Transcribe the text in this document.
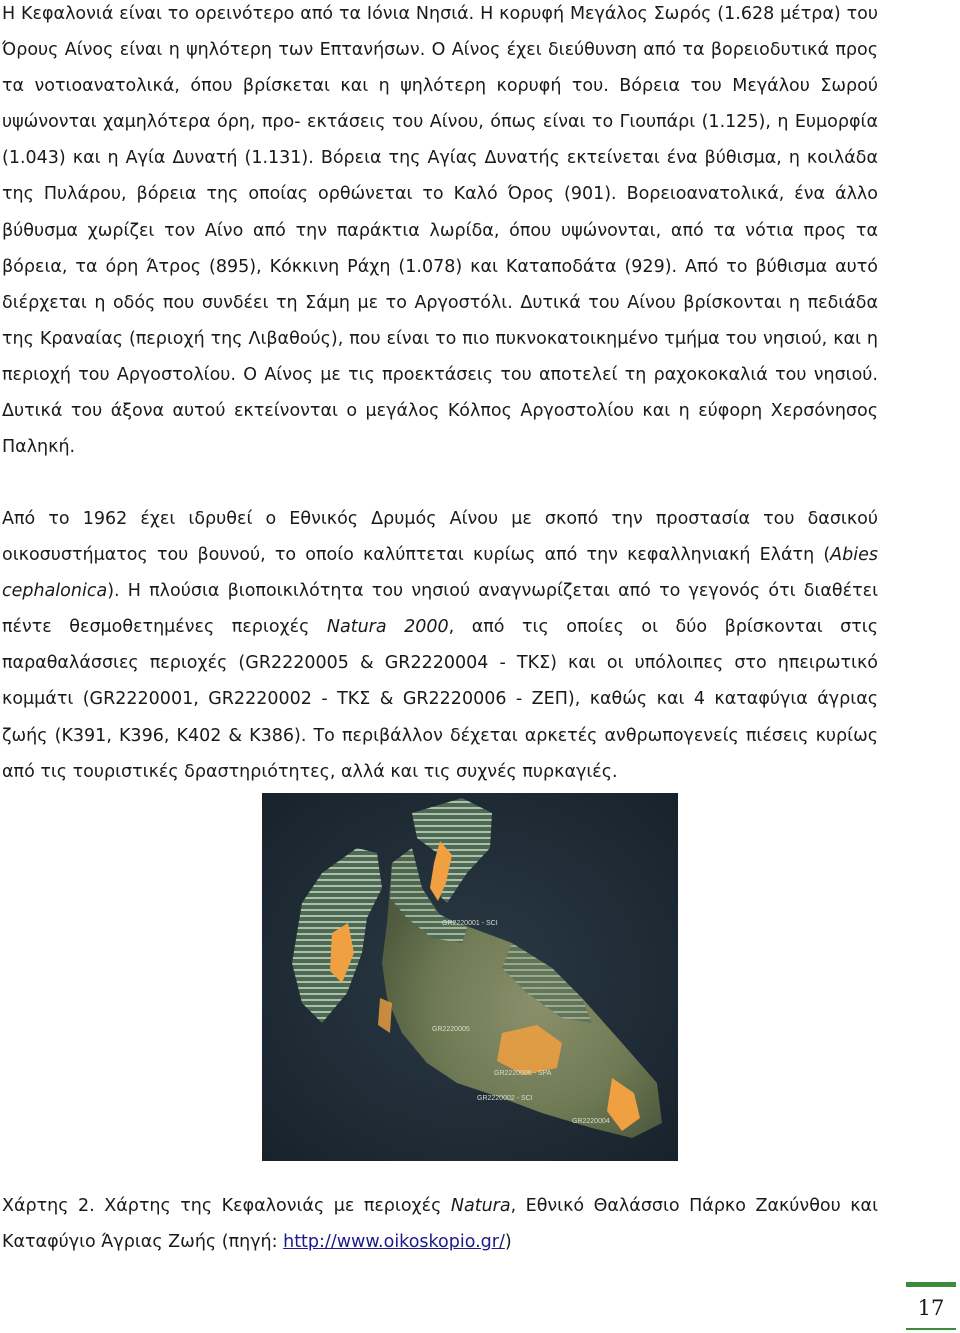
Η Κεφαλονιά είναι το ορεινότερο από τα Ιόνια Νησιά. Η κορυφή Μεγάλος Σωρός (1.628 μέτρα) του Όρους Αίνος είναι η ψηλότερη των Επτανήσων. Ο Αίνος έχει διεύθυνση από τα βορειοδυτικά προς τα νοτιοανατολικά, όπου βρίσκεται και η ψηλότερη κορυφή του. Βόρεια του Μεγάλου Σωρού υψώνονται χαμηλότερα όρη, προ- εκτάσεις του Αίνου, όπως είναι το Γιουπάρι (1.125), η Ευμορφία (1.043) και η Αγία Δυνατή (1.131). Βόρεια της Αγίας Δυνατής εκτείνεται ένα βύθισμα, η κοιλάδα της Πυλάρου, βόρεια της οποίας ορθώνεται το Καλό Όρος (901). Βορειοανατολικά, ένα άλλο βύθυσμα χωρίζει τον Αίνο από την παράκτια λωρίδα, όπου υψώνονται, από τα νότια προς τα βόρεια, τα όρη Άτρος (895), Κόκκινη Ράχη (1.078) και Καταποδάτα (929). Από το βύθισμα αυτό διέρχεται η οδός που συνδέει τη Σάμη με το Αργοστόλι. Δυτικά του Αίνου βρίσκονται η πεδιάδα της Κραναίας (περιοχή της Λιβαθούς), που είναι το πιο πυκνοκατοικημένο τμήμα του νησιού, και η περιοχή του Αργοστολίου. Ο Αίνος με τις προεκτάσεις του αποτελεί τη ραχοκοκαλιά του νησιού. Δυτικά του άξονα αυτού εκτείνονται ο μεγάλος Κόλπος Αργοστολίου και η εύφορη Χερσόνησος Παληκή.
Από το 1962 έχει ιδρυθεί ο Εθνικός Δρυμός Αίνου με σκοπό την προστασία του δασικού οικοσυστήματος του βουνού, το οποίο καλύπτεται κυρίως από την κεφαλληνιακή Ελάτη (Abies cephalonica). Η πλούσια βιοποικιλότητα του νησιού αναγνωρίζεται από το γεγονός ότι διαθέτει πέντε θεσμοθετημένες περιοχές Natura 2000, από τις οποίες οι δύο βρίσκονται στις παραθαλάσσιες περιοχές (GR2220005 & GR2220004 - ΤΚΣ) και οι υπόλοιπες στο ηπειρωτικό κομμάτι (GR2220001, GR2220002 - ΤΚΣ & GR2220006 - ΖΕΠ), καθώς και 4 καταφύγια άγριας ζωής (Κ391, Κ396, Κ402 & Κ386). Το περιβάλλον δέχεται αρκετές ανθρωπογενείς πιέσεις κυρίως από τις τουριστικές δραστηριότητες, αλλά και τις συχνές πυρκαγιές.
GR2220001 - SCI
GR2220006 - SPA
GR2220002 - SCI
GR2220005
GR2220004
Χάρτης 2. Χάρτης της Κεφαλονιάς με περιοχές Natura, Εθνικό Θαλάσσιο Πάρκο Ζακύνθου και Καταφύγιο Άγριας Ζωής (πηγή: http://www.oikoskopio.gr/)
17
